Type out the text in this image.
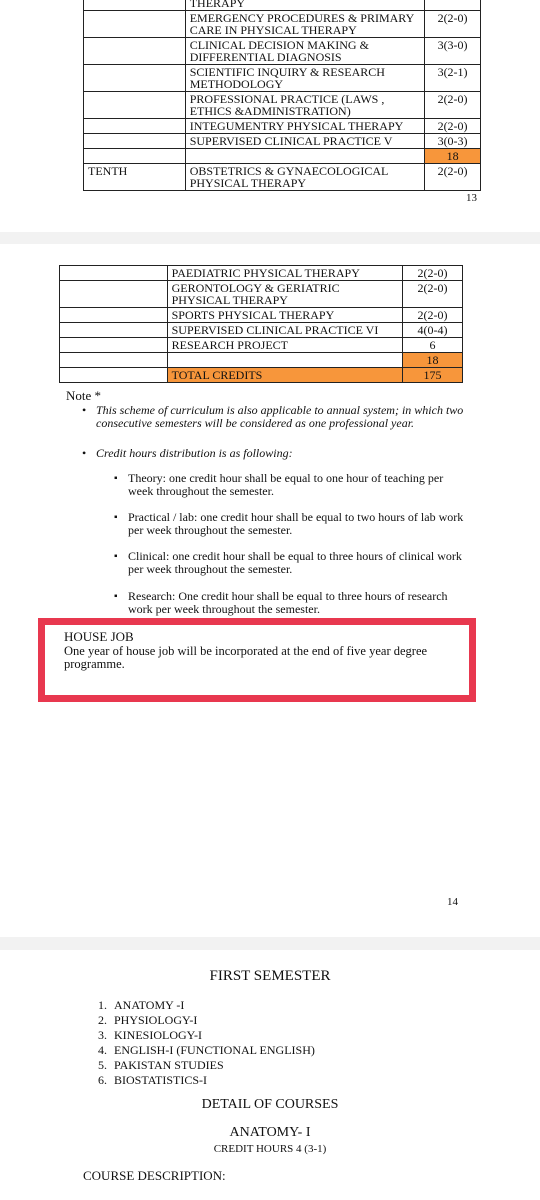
	THERAPY	
	EMERGENCY PROCEDURES & PRIMARY CARE IN PHYSICAL THERAPY	2(2-0)
	CLINICAL DECISION MAKING & DIFFERENTIAL DIAGNOSIS	3(3-0)
	SCIENTIFIC INQUIRY & RESEARCH METHODOLOGY	3(2-1)
	PROFESSIONAL PRACTICE (LAWS , ETHICS &ADMINISTRATION)	2(2-0)
	INTEGUMENTRY PHYSICAL THERAPY	2(2-0)
	SUPERVISED CLINICAL PRACTICE V	3(0-3)
		18
TENTH	OBSTETRICS & GYNAECOLOGICAL PHYSICAL THERAPY	2(2-0)
13
	PAEDIATRIC PHYSICAL THERAPY	2(2-0)
	GERONTOLOGY & GERIATRIC PHYSICAL THERAPY	2(2-0)
	SPORTS PHYSICAL THERAPY	2(2-0)
	SUPERVISED CLINICAL PRACTICE VI	4(0-4)
	RESEARCH PROJECT	6
		18
	TOTAL CREDITS	175
Note *
• This scheme of curriculum is also applicable to annual system; in which two consecutive semesters will be considered as one professional year.
• Credit hours distribution is as following:
▪ Theory: one credit hour shall be equal to one hour of teaching per week throughout the semester.
▪ Practical / lab: one credit hour shall be equal to two hours of lab work per week throughout the semester.
▪ Clinical: one credit hour shall be equal to three hours of clinical work per week throughout the semester.
▪ Research: One credit hour shall be equal to three hours of research work per week throughout the semester.
HOUSE JOB
One year of house job will be incorporated at the end of five year degree programme.
14
FIRST SEMESTER
1. ANATOMY -I
2. PHYSIOLOGY-I
3. KINESIOLOGY-I
4. ENGLISH-I (FUNCTIONAL ENGLISH)
5. PAKISTAN STUDIES
6. BIOSTATISTICS-I
DETAIL OF COURSES
ANATOMY- I
CREDIT HOURS 4 (3-1)
COURSE DESCRIPTION:
